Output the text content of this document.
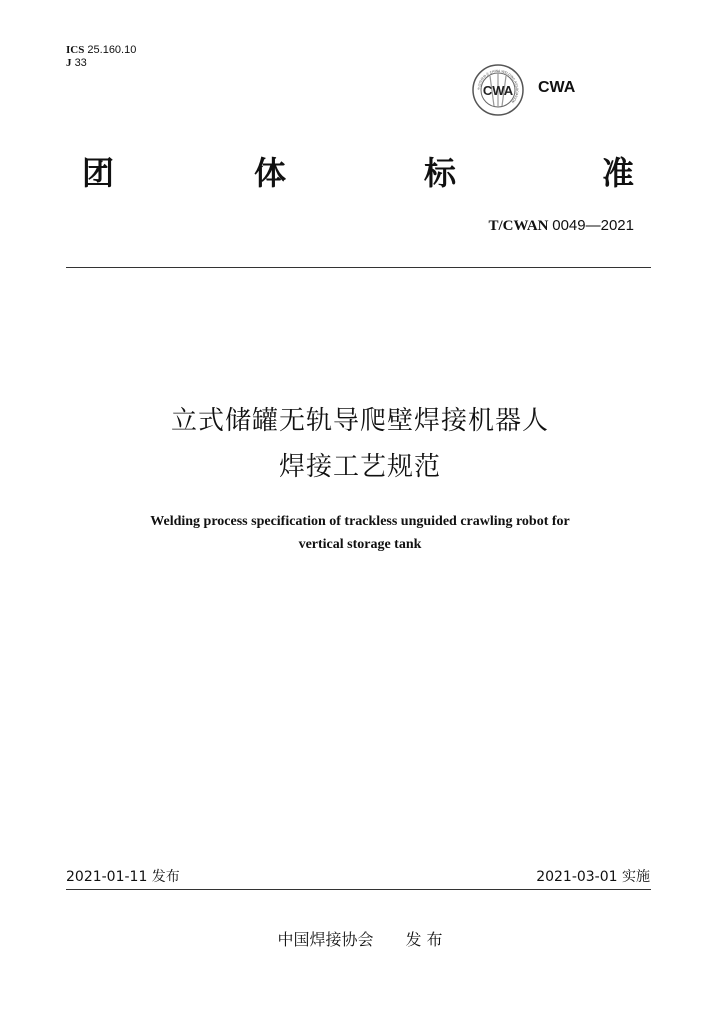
ICS 25.160.10
J 33
CWA
中国焊接协会 CHINA WELDING ASSOCIATION
CWA
团	体	标	准
T/CWAN 0049—2021
立式储罐无轨导爬壁焊接机器人
焊接工艺规范
Welding process specification of trackless unguided crawling robot for
vertical storage tank
2021-01-11 发布	2021-03-01 实施
中国焊接协会 发 布
